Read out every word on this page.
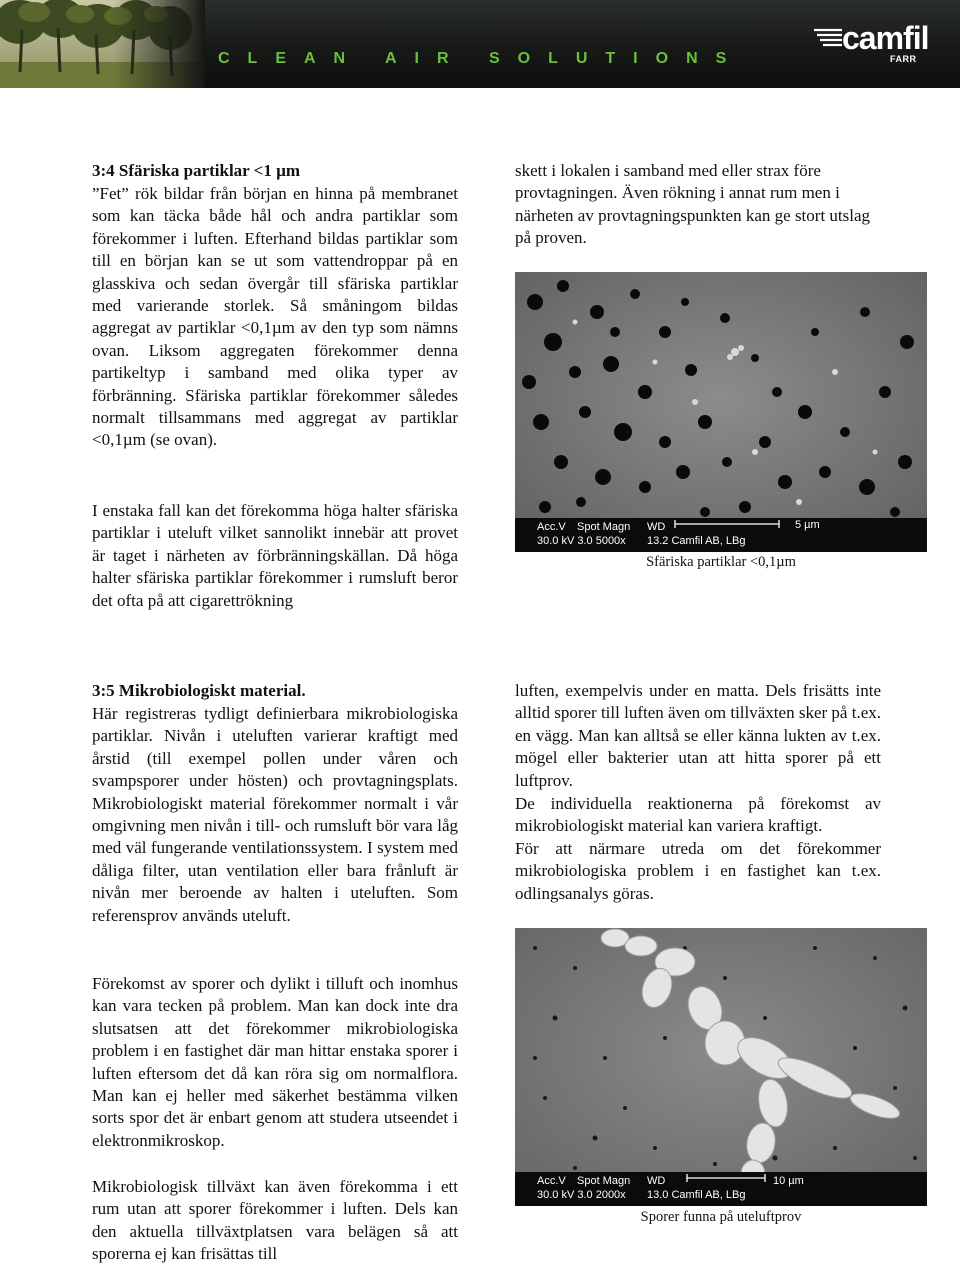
CLEAN AIR SOLUTIONS
camfil
FARR

3:4 Sfäriska partiklar <1 µm

”Fet” rök bildar från början en hinna på membranet som kan täcka både hål och andra partiklar som förekommer i luften. Efterhand bildas partiklar som till en början kan se ut som vattendroppar på en glasskiva och sedan övergår till sfäriska partiklar med varierande storlek. Så småningom bildas aggregat av partiklar <0,1µm av den typ som nämns ovan. Liksom aggregaten förekommer denna partikeltyp i samband med olika typer av förbränning. Sfäriska partiklar förekommer således normalt tillsammans med aggregat av partiklar <0,1µm (se ovan).

I enstaka fall kan det förekomma höga halter sfäriska partiklar i uteluft vilket sannolikt innebär att provet är taget i närheten av förbränningskällan. Då höga halter sfäriska partiklar förekommer i rumsluft beror det ofta på att cigarettrökning

skett i lokalen i samband med eller strax före provtagningen. Även rökning i annat rum men i närheten av provtagningspunkten kan ge stort utslag på proven.

Acc.V Spot Magn WD	5 µm
30.0 kV 3.0 5000x 13.2 Camfil AB, LBg
Sfäriska partiklar <0,1µm

3:5 Mikrobiologiskt material.

Här registreras tydligt definierbara mikrobiologiska partiklar. Nivån i uteluften varierar kraftigt med årstid (till exempel pollen under våren och svampsporer under hösten) och provtagningsplats. Mikrobiologiskt material förekommer normalt i vår omgivning men nivån i till- och rumsluft bör vara låg med väl fungerande ventilationssystem. I system med dåliga filter, utan ventilation eller bara frånluft är nivån mer beroende av halten i uteluften. Som referensprov används uteluft.

Förekomst av sporer och dylikt i tilluft och inomhus kan vara tecken på problem. Man kan dock inte dra slutsatsen att det förekommer mikrobiologiska problem i en fastighet där man hittar enstaka sporer i luften eftersom det då kan röra sig om normalflora. Man kan ej heller med säkerhet bestämma vilken sorts spor det är enbart genom att studera utseendet i elektronmikroskop.

Mikrobiologisk tillväxt kan även förekomma i ett rum utan att sporer förekommer i luften. Dels kan den aktuella tillväxtplatsen vara belägen så att sporerna ej kan frisättas till

luften, exempelvis under en matta. Dels frisätts inte alltid sporer till luften även om tillväxten sker på t.ex. en vägg. Man kan alltså se eller känna lukten av t.ex. mögel eller bakterier utan att hitta sporer på ett luftprov.

De individuella reaktionerna på förekomst av mikrobiologiskt material kan variera kraftigt.

För att närmare utreda om det förekommer mikrobiologiska problem i en fastighet kan t.ex. odlingsanalys göras.

Acc.V Spot Magn WD	10 µm
30.0 kV 3.0 2000x 13.0 Camfil AB, LBg
Sporer funna på uteluftprov
